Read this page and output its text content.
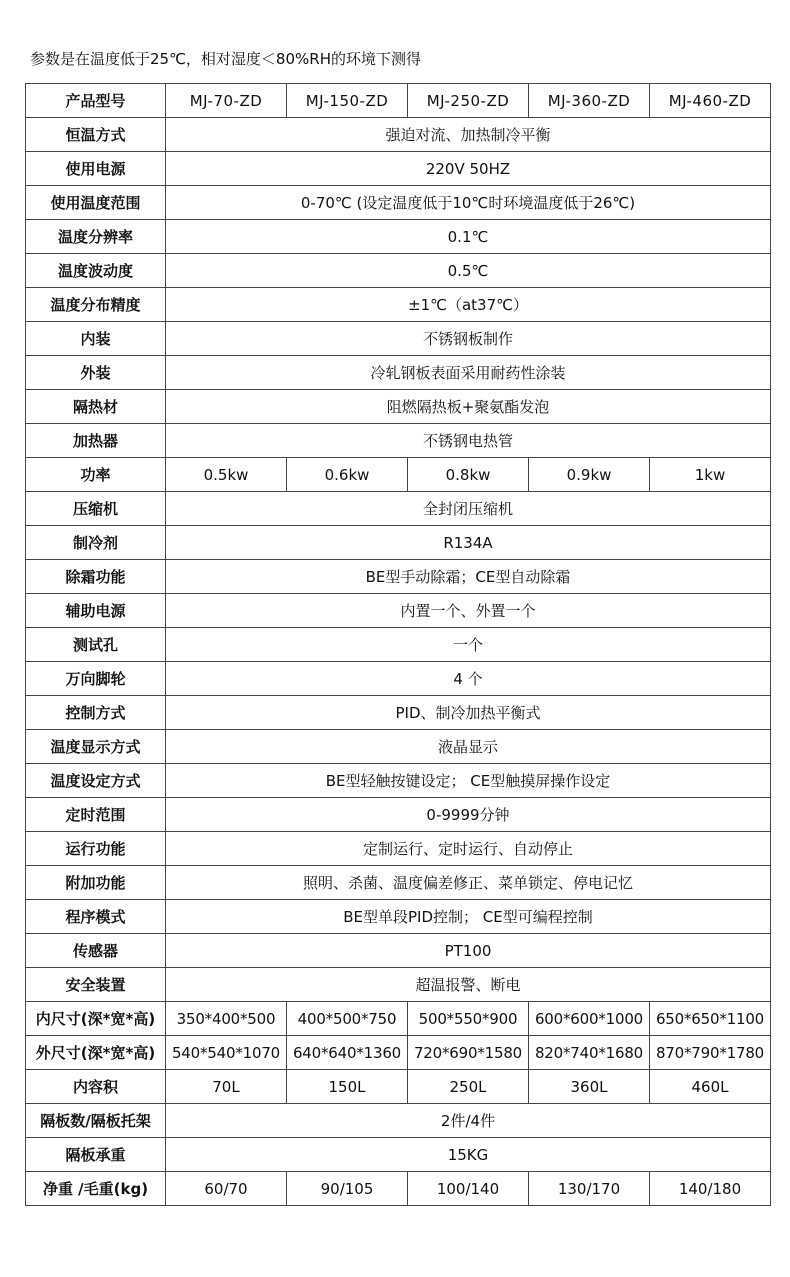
参数是在温度低于25℃，相对湿度＜80%RH的环境下测得
产品型号	MJ-70-ZD	MJ-150-ZD	MJ-250-ZD	MJ-360-ZD	MJ-460-ZD
恒温方式	强迫对流、加热制冷平衡				
使用电源	220V 50HZ				
使用温度范围	0-70℃ (设定温度低于10℃时环境温度低于26℃)				
温度分辨率	0.1℃				
温度波动度	0.5℃				
温度分布精度	±1℃（at37℃）				
内装	不锈钢板制作				
外装	冷轧钢板表面采用耐药性涂装				
隔热材	阻燃隔热板+聚氨酯发泡				
加热器	不锈钢电热管				
功率	0.5kw	0.6kw	0.8kw	0.9kw	1kw
压缩机	全封闭压缩机				
制冷剂	R134A				
除霜功能	BE型手动除霜；CE型自动除霜				
辅助电源	内置一个、外置一个				
测试孔	一个				
万向脚轮	4 个				
控制方式	PID、制冷加热平衡式				
温度显示方式	液晶显示				
温度设定方式	BE型轻触按键设定； CE型触摸屏操作设定				
定时范围	0-9999分钟				
运行功能	定制运行、定时运行、自动停止				
附加功能	照明、杀菌、温度偏差修正、菜单锁定、停电记忆				
程序模式	BE型单段PID控制； CE型可编程控制				
传感器	PT100				
安全装置	超温报警、断电				
内尺寸(深*宽*高)	350*400*500	400*500*750	500*550*900	600*600*1000	650*650*1100
外尺寸(深*宽*高)	540*540*1070	640*640*1360	720*690*1580	820*740*1680	870*790*1780
内容积	70L	150L	250L	360L	460L
隔板数/隔板托架	2件/4件				
隔板承重	15KG				
净重 /毛重(kg)	60/70	90/105	100/140	130/170	140/180
